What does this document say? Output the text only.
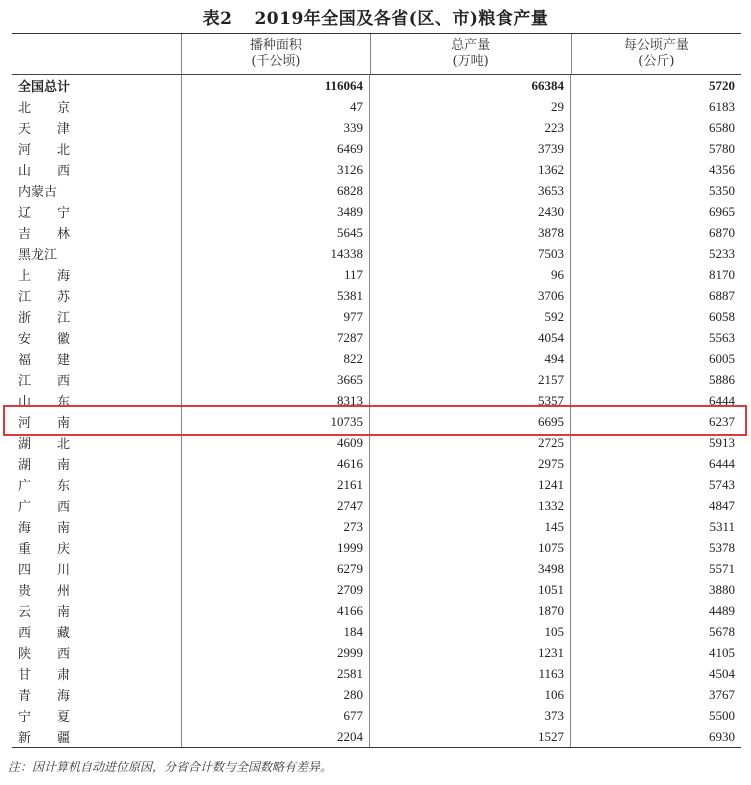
表2 2019年全国及各省(区、市)粮食产量
播种面积
(千公顷)
总产量
(万吨)
每公顷产量
(公斤)
全国总计	116064	66384	5720
北　　京	47	29	6183
天　　津	339	223	6580
河　　北	6469	3739	5780
山　　西	3126	1362	4356
内蒙古	6828	3653	5350
辽　　宁	3489	2430	6965
吉　　林	5645	3878	6870
黑龙江	14338	7503	5233
上　　海	117	96	8170
江　　苏	5381	3706	6887
浙　　江	977	592	6058
安　　徽	7287	4054	5563
福　　建	822	494	6005
江　　西	3665	2157	5886
山　　东	8313	5357	6444
河　　南	10735	6695	6237
湖　　北	4609	2725	5913
湖　　南	4616	2975	6444
广　　东	2161	1241	5743
广　　西	2747	1332	4847
海　　南	273	145	5311
重　　庆	1999	1075	5378
四　　川	6279	3498	5571
贵　　州	2709	1051	3880
云　　南	4166	1870	4489
西　　藏	184	105	5678
陕　　西	2999	1231	4105
甘　　肃	2581	1163	4504
青　　海	280	106	3767
宁　　夏	677	373	5500
新　　疆	2204	1527	6930
注：因计算机自动进位原因，分省合计数与全国数略有差异。
